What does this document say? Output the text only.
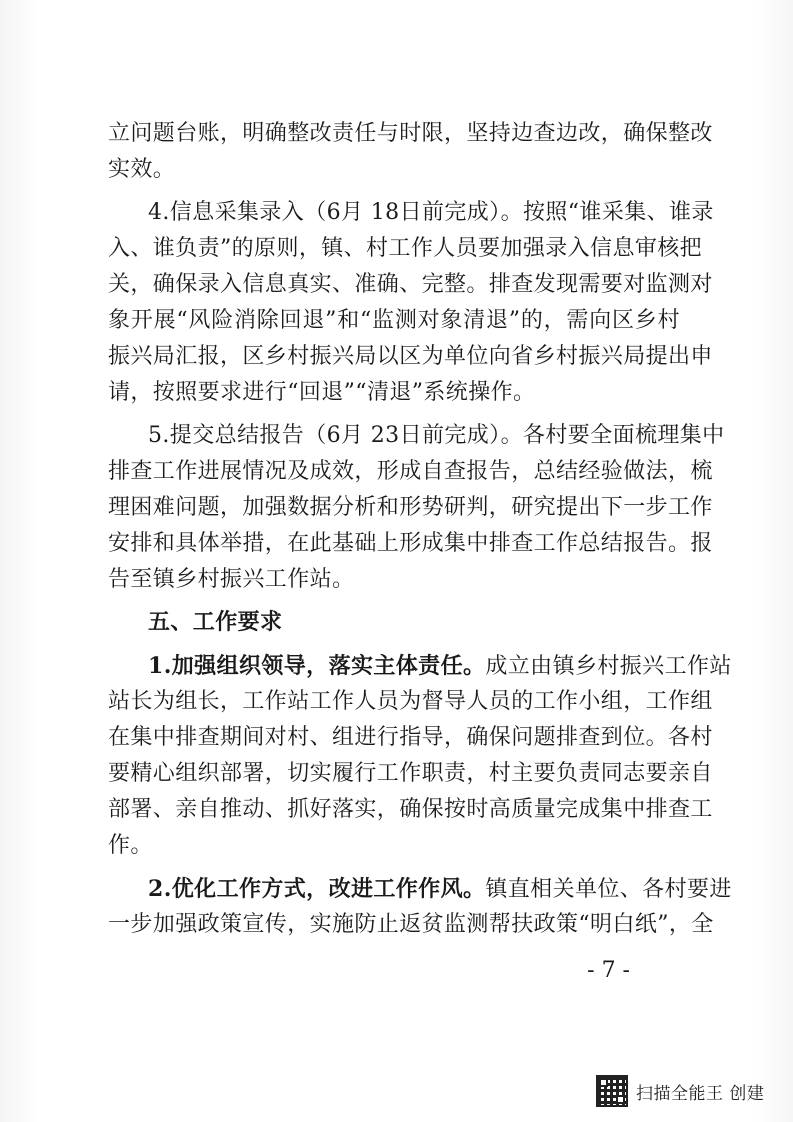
立问题台账，明确整改责任与时限，坚持边查边改，确保整改
实效。
4.信息采集录入（6月 18日前完成）。按照“谁采集、谁录
入、谁负责”的原则，镇、村工作人员要加强录入信息审核把
关，确保录入信息真实、准确、完整。排查发现需要对监测对
象开展“风险消除回退”和“监测对象清退”的，需向区乡村
振兴局汇报，区乡村振兴局以区为单位向省乡村振兴局提出申
请，按照要求进行“回退”“清退”系统操作。
5.提交总结报告（6月 23日前完成）。各村要全面梳理集中
排查工作进展情况及成效，形成自查报告，总结经验做法，梳
理困难问题，加强数据分析和形势研判，研究提出下一步工作
安排和具体举措，在此基础上形成集中排查工作总结报告。报
告至镇乡村振兴工作站。
五、工作要求
1.加强组织领导，落实主体责任。成立由镇乡村振兴工作站
站长为组长，工作站工作人员为督导人员的工作小组，工作组
在集中排查期间对村、组进行指导，确保问题排查到位。各村
要精心组织部署，切实履行工作职责，村主要负责同志要亲自
部署、亲自推动、抓好落实，确保按时高质量完成集中排查工
作。
2.优化工作方式，改进工作作风。镇直相关单位、各村要进
一步加强政策宣传，实施防止返贫监测帮扶政策“明白纸”，全
- 7 -
扫描全能王 创建
